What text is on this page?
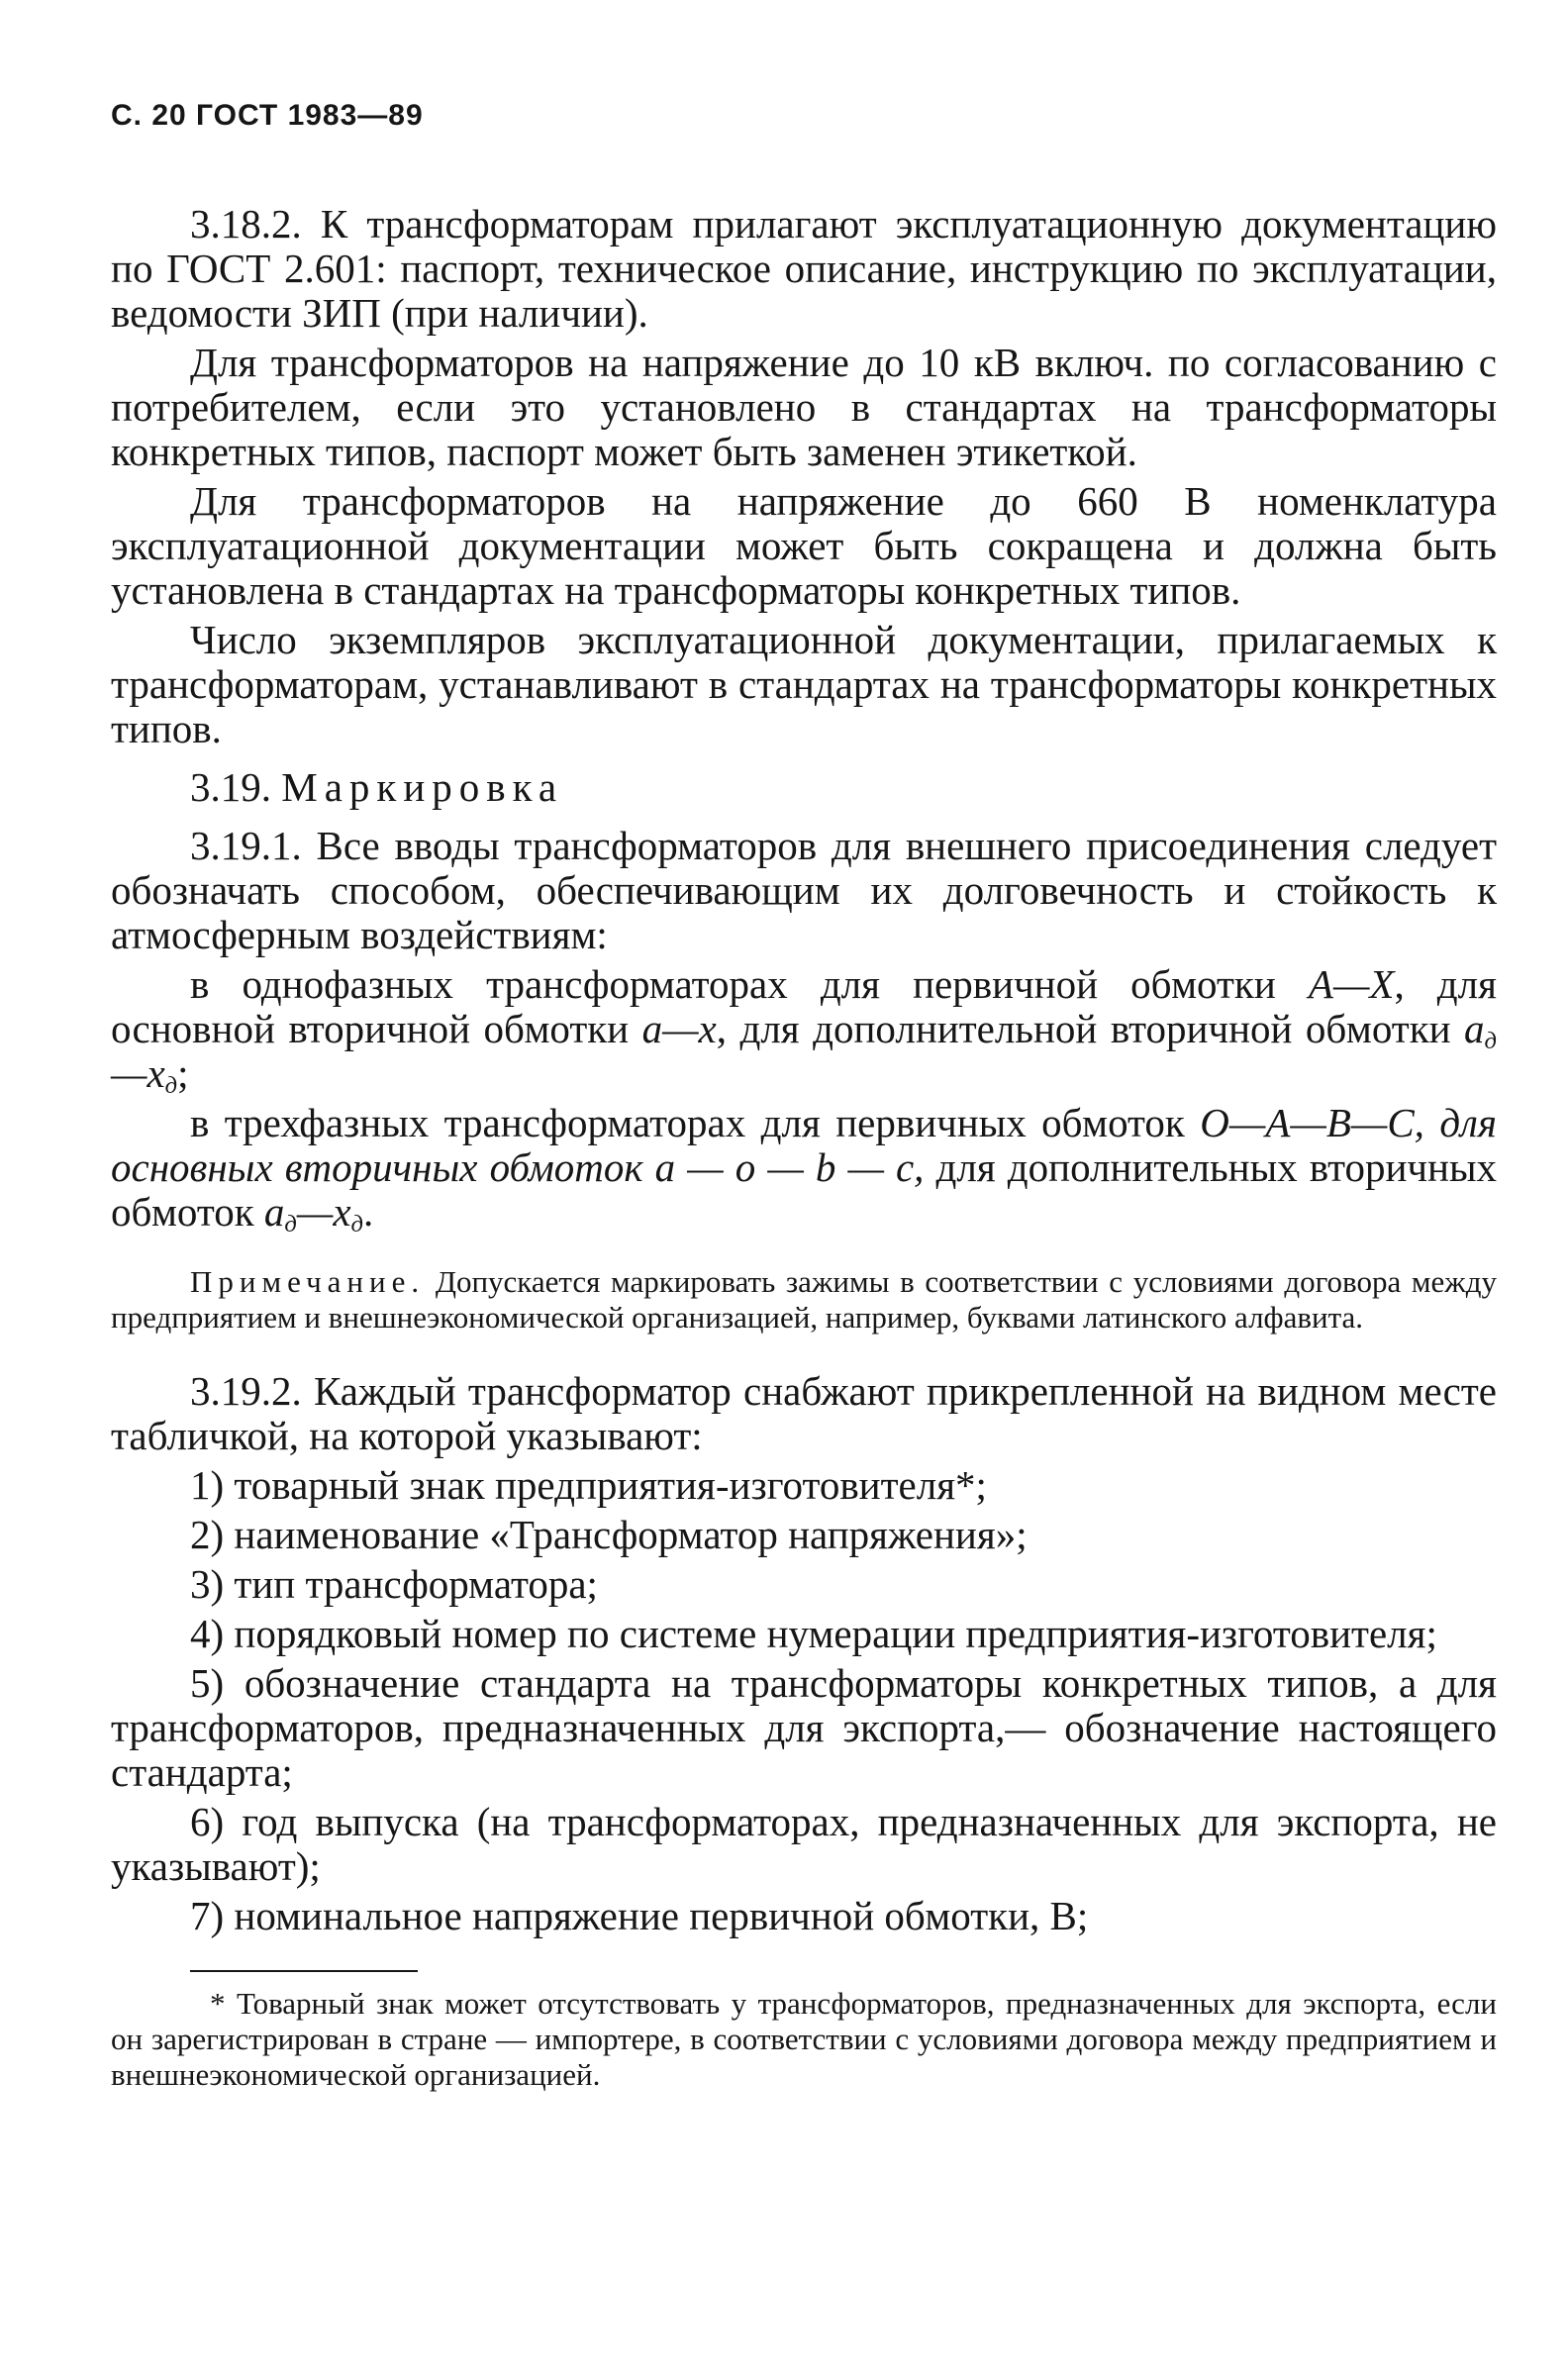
С. 20 ГОСТ 1983—89

3.18.2. К трансформаторам прилагают эксплуатационную документацию по ГОСТ 2.601: паспорт, техническое описание, инструкцию по эксплуатации, ведомости ЗИП (при наличии).

Для трансформаторов на напряжение до 10 кВ включ. по согласованию с потребителем, если это установлено в стандартах на трансформаторы конкретных типов, паспорт может быть заменен этикеткой.

Для трансформаторов на напряжение до 660 В номенклатура эксплуатационной документации может быть сокращена и должна быть установлена в стандартах на трансформаторы конкретных типов.

Число экземпляров эксплуатационной документации, прилагаемых к трансформаторам, устанавливают в стандартах на трансформаторы конкретных типов.

3.19. Маркировка

3.19.1. Все вводы трансформаторов для внешнего присоединения следует обозначать способом, обеспечивающим их долговечность и стойкость к атмосферным воздействиям:

в однофазных трансформаторах для первичной обмотки A—X, для основной вторичной обмотки a—x, для дополнительной вторичной обмотки $a_д—x_д$;

в трехфазных трансформаторах для первичных обмоток O—A—B—C, для основных вторичных обмоток a — o — b — c, для дополнительных вторичных обмоток $a_д—x_д$.

Примечание. Допускается маркировать зажимы в соответствии с условиями договора между предприятием и внешнеэкономической организацией, например, буквами латинского алфавита.

3.19.2. Каждый трансформатор снабжают прикрепленной на видном месте табличкой, на которой указывают:

1) товарный знак предприятия-изготовителя*;

2) наименование «Трансформатор напряжения»;

3) тип трансформатора;

4) порядковый номер по системе нумерации предприятия-изготовителя;

5) обозначение стандарта на трансформаторы конкретных типов, а для трансформаторов, предназначенных для экспорта,— обозначение настоящего стандарта;

6) год выпуска (на трансформаторах, предназначенных для экспорта, не указывают);

7) номинальное напряжение первичной обмотки, В;

* Товарный знак может отсутствовать у трансформаторов, предназначенных для экспорта, если он зарегистрирован в стране — импортере, в соответствии с условиями договора между предприятием и внешнеэкономической организацией.
